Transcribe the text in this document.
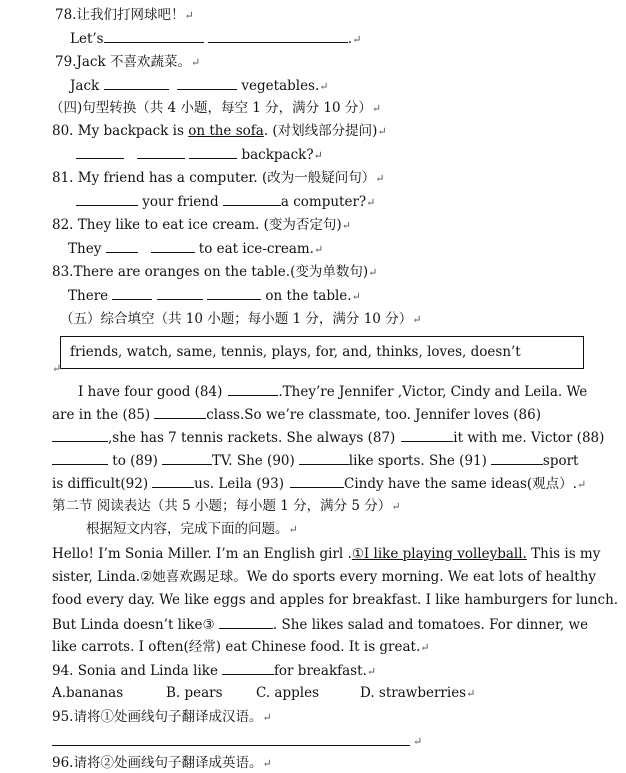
78.让我们打网球吧！↵
Let’s	.↵
79.Jack 不喜欢蔬菜。↵
Jack	vegetables.↵
（四)句型转换（共 4 小题，每空 1 分，满分 10 分）↵
80. My backpack is on the sofa. (对划线部分提问)↵
backpack?↵
81. My friend has a computer. (改为一般疑问句）↵
your friend	a computer?↵
82. They like to eat ice cream. (变为否定句)↵
They	to eat ice-cream.↵
83.There are oranges on the table.(变为单数句)↵
There	on the table.↵
（五）综合填空（共 10 小题；每小题 1 分，满分 10 分）↵
friends, watch, same, tennis, plays, for, and, thinks, loves, doesn’t
↵
I have four good (84)	.They’re Jennifer ,Victor, Cindy and Leila. We
are in the (85)	class.So we’re classmate, too. Jennifer loves (86)
,she has 7 tennis rackets. She always (87)	it with me. Victor (88)
to (89)	TV. She (90)	like sports. She (91)	sport
is difficult(92)	us. Leila (93)	Cindy have the same ideas(观点）.↵
第二节 阅读表达（共 5 小题；每小题 1 分，满分 5 分）↵
根据短文内容，完成下面的问题。↵
Hello! I’m Sonia Miller. I’m an English girl .①I like playing volleyball. This is my
sister, Linda.②她喜欢踢足球。We do sports every morning. We eat lots of healthy
food every day. We like eggs and apples for breakfast. I like hamburgers for lunch.
But Linda doesn’t like③	. She likes salad and tomatoes. For dinner, we
like carrots. I often(经常) eat Chinese food. It is great.↵
94. Sonia and Linda like	for breakfast.↵
A.bananas	B. pears C. apples	D. strawberries↵
95.请将①处画线句子翻译成汉语。↵
↵
96.请将②处画线句子翻译成英语。↵
